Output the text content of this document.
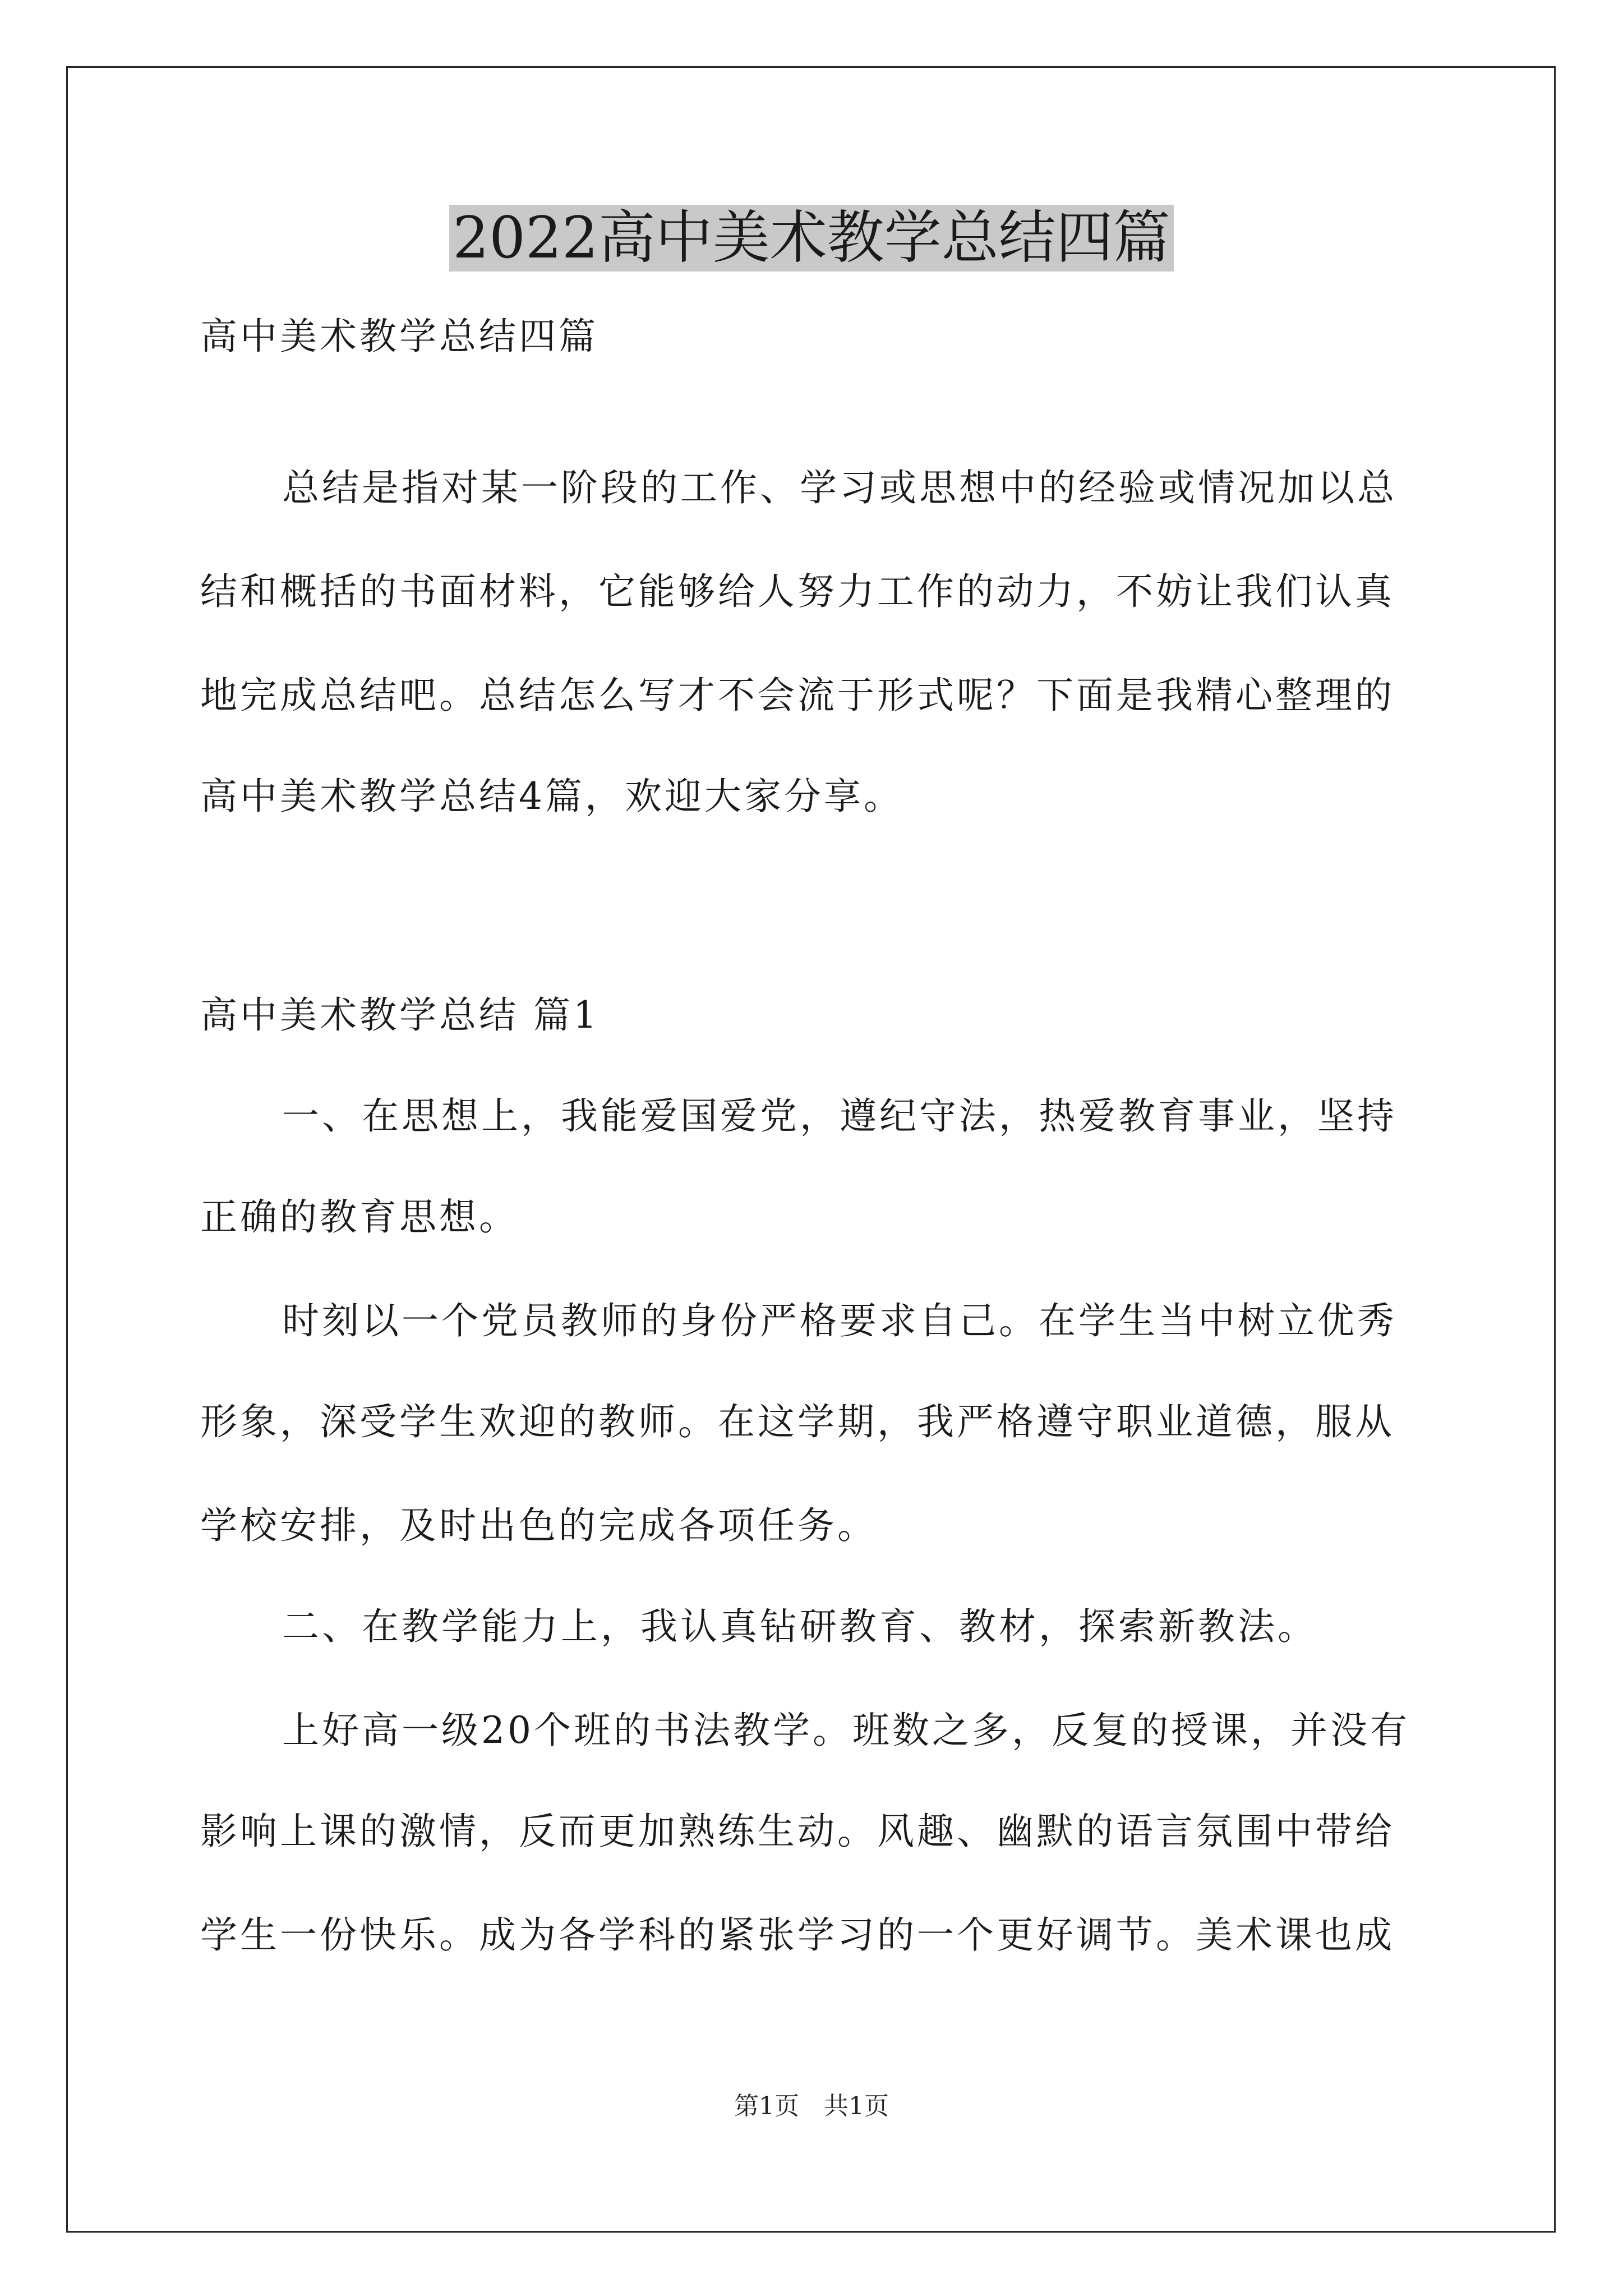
2022高中美术教学总结四篇
高中美术教学总结四篇
总结是指对某一阶段的工作、学习或思想中的经验或情况加以总
结和概括的书面材料，它能够给人努力工作的动力，不妨让我们认真
地完成总结吧。总结怎么写才不会流于形式呢？下面是我精心整理的
高中美术教学总结4篇，欢迎大家分享。
高中美术教学总结 篇1
一、在思想上，我能爱国爱党，遵纪守法，热爱教育事业，坚持
正确的教育思想。
时刻以一个党员教师的身份严格要求自己。在学生当中树立优秀
形象，深受学生欢迎的教师。在这学期，我严格遵守职业道德，服从
学校安排，及时出色的完成各项任务。
二、在教学能力上，我认真钻研教育、教材，探索新教法。
上好高一级20个班的书法教学。班数之多，反复的授课，并没有
影响上课的激情，反而更加熟练生动。风趣、幽默的语言氛围中带给
学生一份快乐。成为各学科的紧张学习的一个更好调节。美术课也成
第1页　共1页
